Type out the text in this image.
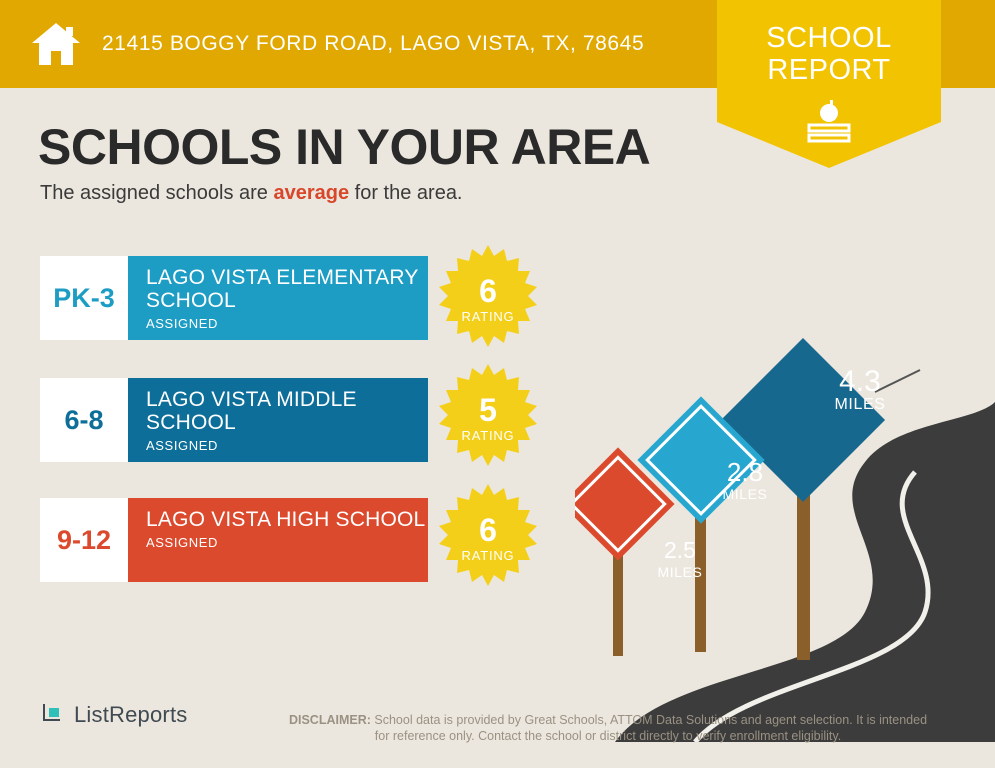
21415 BOGGY FORD ROAD, LAGO VISTA, TX, 78645	SCHOOL
REPORT
SCHOOLS IN YOUR AREA
The assigned schools are average for the area.
PK-3
LAGO VISTA ELEMENTARY SCHOOL
ASSIGNED
6
RATING
6-8
LAGO VISTA MIDDLE SCHOOL
ASSIGNED
5
RATING
9-12
LAGO VISTA HIGH SCHOOL
ASSIGNED	6
RATING	2.5
MILES
2.8
MILES
4.3
MILES
ListReports	DISCLAIMER: School data is provided by Great Schools, ATTOM Data Solutions and agent selection. It is intended for reference only. Contact the school or district directly to verify enrollment eligibility.
